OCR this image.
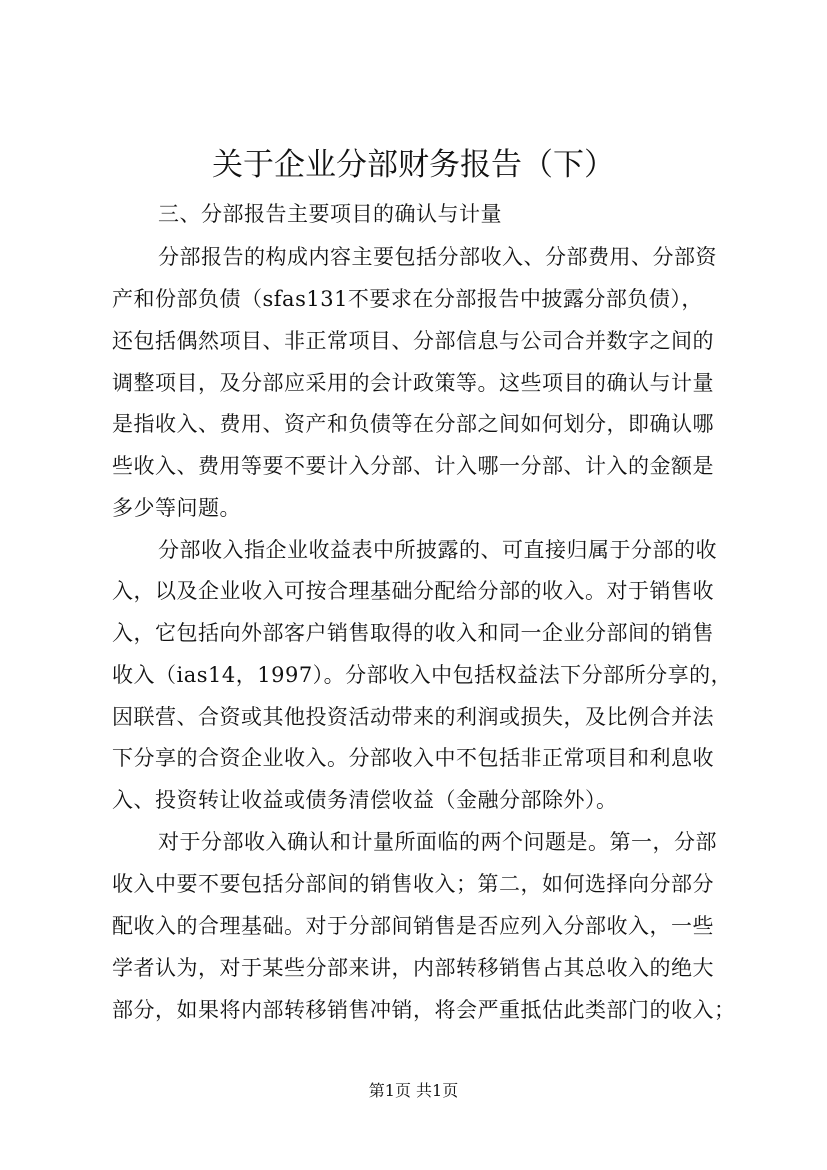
关于企业分部财务报告（下）
三、分部报告主要项目的确认与计量
分部报告的构成内容主要包括分部收入、分部费用、分部资
产和份部负债（sfas131不要求在分部报告中披露分部负债），
还包括偶然项目、非正常项目、分部信息与公司合并数字之间的
调整项目，及分部应采用的会计政策等。这些项目的确认与计量
是指收入、费用、资产和负债等在分部之间如何划分，即确认哪
些收入、费用等要不要计入分部、计入哪一分部、计入的金额是
多少等问题。
分部收入指企业收益表中所披露的、可直接归属于分部的收
入，以及企业收入可按合理基础分配给分部的收入。对于销售收
入，它包括向外部客户销售取得的收入和同一企业分部间的销售
收入（ias14，1997）。分部收入中包括权益法下分部所分享的，
因联营、合资或其他投资活动带来的利润或损失，及比例合并法
下分享的合资企业收入。分部收入中不包括非正常项目和利息收
入、投资转让收益或债务清偿收益（金融分部除外）。
对于分部收入确认和计量所面临的两个问题是。第一，分部
收入中要不要包括分部间的销售收入；第二，如何选择向分部分
配收入的合理基础。对于分部间销售是否应列入分部收入，一些
学者认为，对于某些分部来讲，内部转移销售占其总收入的绝大
部分，如果将内部转移销售冲销，将会严重抵估此类部门的收入；
第1页 共1页
